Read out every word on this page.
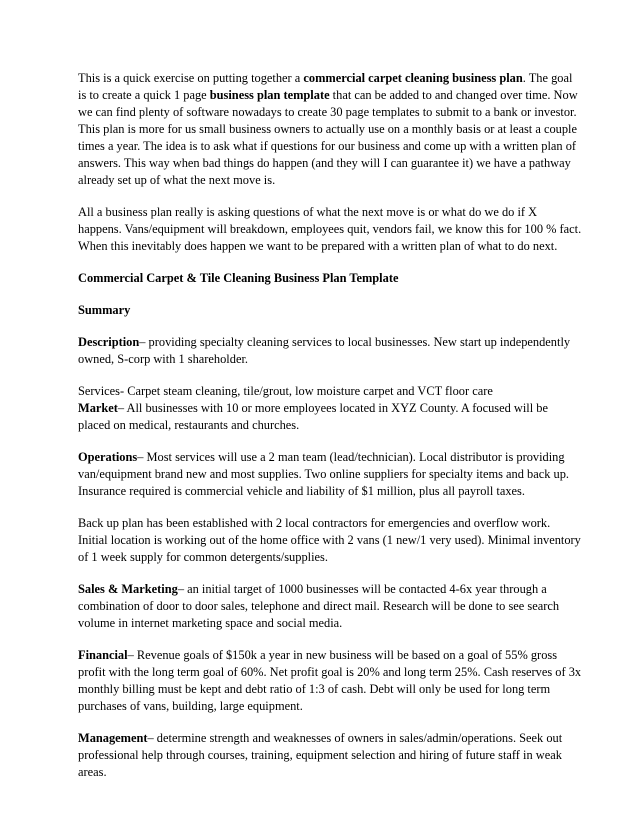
This is a quick exercise on putting together a commercial carpet cleaning business plan. The goal is to create a quick 1 page business plan template that can be added to and changed over time. Now we can find plenty of software nowadays to create 30 page templates to submit to a bank or investor. This plan is more for us small business owners to actually use on a monthly basis or at least a couple times a year. The idea is to ask what if questions for our business and come up with a written plan of answers. This way when bad things do happen (and they will I can guarantee it) we have a pathway already set up of what the next move is.

All a business plan really is asking questions of what the next move is or what do we do if X happens. Vans/equipment will breakdown, employees quit, vendors fail, we know this for 100 % fact. When this inevitably does happen we want to be prepared with a written plan of what to do next.

Commercial Carpet & Tile Cleaning Business Plan Template

Summary

Description– providing specialty cleaning services to local businesses. New start up independently owned, S-corp with 1 shareholder.

Services- Carpet steam cleaning, tile/grout, low moisture carpet and VCT floor care

Market– All businesses with 10 or more employees located in XYZ County. A focused will be placed on medical, restaurants and churches.

Operations– Most services will use a 2 man team (lead/technician). Local distributor is providing van/equipment brand new and most supplies. Two online suppliers for specialty items and back up. Insurance required is commercial vehicle and liability of $1 million, plus all payroll taxes.

Back up plan has been established with 2 local contractors for emergencies and overflow work. Initial location is working out of the home office with 2 vans (1 new/1 very used). Minimal inventory of 1 week supply for common detergents/supplies.

Sales & Marketing– an initial target of 1000 businesses will be contacted 4-6x year through a combination of door to door sales, telephone and direct mail. Research will be done to see search volume in internet marketing space and social media.

Financial– Revenue goals of $150k a year in new business will be based on a goal of 55% gross profit with the long term goal of 60%. Net profit goal is 20% and long term 25%. Cash reserves of 3x monthly billing must be kept and debt ratio of 1:3 of cash. Debt will only be used for long term purchases of vans, building, large equipment.

Management– determine strength and weaknesses of owners in sales/admin/operations. Seek out professional help through courses, training, equipment selection and hiring of future staff in weak areas.
